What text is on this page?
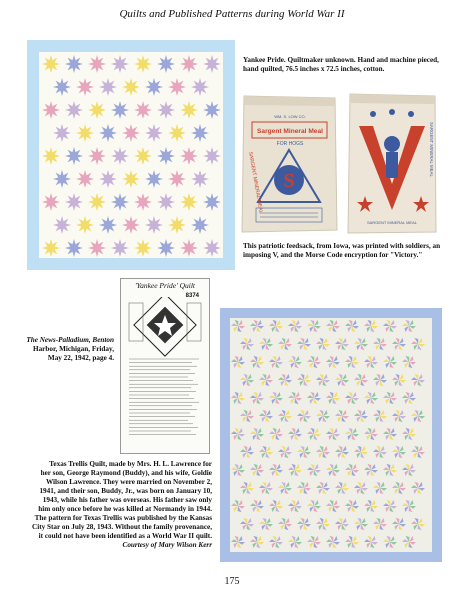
Quilts and Published Patterns during World War II
Yankee Pride. Quiltmaker unknown. Hand and machine pieced, hand quilted, 76.5 inches x 72.5 inches, cotton.
WM. S. LOW CO.
Sargent Mineral Meal
FOR HOGS
S
SARGENT MINERAL MEAL
SARGENT MINERAL MEAL
SARGENT MINERAL MEAL
This patriotic feedsack, from Iowa, was printed with soldiers, an imposing V, and the Morse Code encryption for "Victory."
'Yankee Pride' Quilt
8374
The News-Palladium, Benton
Harbor, Michigan, Friday,
May 22, 1942, page 4.
Texas Trellis Quilt, made by Mrs. H. L. Lawrence for
her son, George Raymond (Buddy), and his wife, Goldie
Wilson Lawrence. They were married on November 2,
1941, and their son, Buddy, Jr., was born on January 10,
1943, while his father was overseas. His father saw only
him only once before he was killed at Normandy in 1944.
The pattern for Texas Trellis was published by the Kansas
City Star on July 28, 1943. Without the family provenance,
it could not have been identified as a World War II quilt.
Courtesy of Mary Wilson Kerr
175
